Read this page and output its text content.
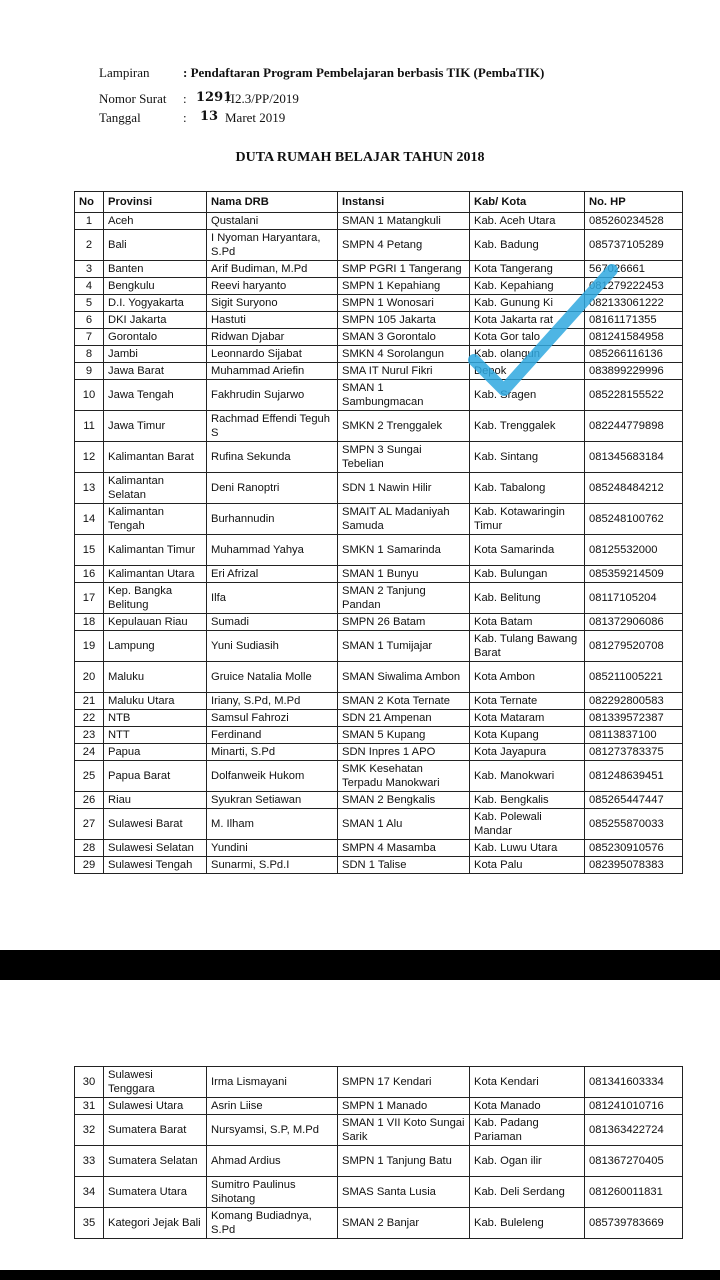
Lampiran	: Pendaftaran Program Pembelajaran berbasis TIK (PembaTIK)
Nomor Surat : 1291
/I2.3/PP/2019
Tanggal	: 13 Maret 2019
DUTA RUMAH BELAJAR TAHUN 2018
No	Provinsi	Nama DRB	Instansi	Kab/ Kota	No. HP
1	Aceh	Qustalani	SMAN 1 Matangkuli	Kab. Aceh Utara	085260234528
2	Bali	I Nyoman Haryantara, S.Pd	SMPN 4 Petang	Kab. Badung	085737105289
3	Banten	Arif Budiman, M.Pd	SMP PGRI 1 Tangerang	Kota Tangerang	567026661
4	Bengkulu	Reevi haryanto	SMPN 1 Kepahiang	Kab. Kepahiang	081279222453
5	D.I. Yogyakarta	Sigit Suryono	SMPN 1 Wonosari	Kab. Gunung Ki	082133061222
6	DKI Jakarta	Hastuti	SMPN 105 Jakarta	Kota Jakarta rat	08161171355
7	Gorontalo	Ridwan Djabar	SMAN 3 Gorontalo	Kota Gor talo	081241584958
8	Jambi	Leonnardo Sijabat	SMKN 4 Sorolangun	Kab. olangun	085266116136
9	Jawa Barat	Muhammad Ariefin	SMA IT Nurul Fikri	Depok	083899229996
10	Jawa Tengah	Fakhrudin Sujarwo	SMAN 1 Sambungmacan	Kab. Sragen	085228155522
11	Jawa Timur	Rachmad Effendi Teguh S	SMKN 2 Trenggalek	Kab. Trenggalek	082244779898
12	Kalimantan Barat	Rufina Sekunda	SMPN 3 Sungai Tebelian	Kab. Sintang	081345683184
13	Kalimantan Selatan	Deni Ranoptri	SDN 1 Nawin Hilir	Kab. Tabalong	085248484212
14	Kalimantan Tengah	Burhannudin	SMAIT AL Madaniyah Samuda	Kab. Kotawaringin Timur	085248100762
15	Kalimantan Timur	Muhammad Yahya	SMKN 1 Samarinda	Kota Samarinda	08125532000
16	Kalimantan Utara	Eri Afrizal	SMAN 1 Bunyu	Kab. Bulungan	085359214509
17	Kep. Bangka Belitung	Ilfa	SMAN 2 Tanjung Pandan	Kab. Belitung	08117105204
18	Kepulauan Riau	Sumadi	SMPN 26 Batam	Kota Batam	081372906086
19	Lampung	Yuni Sudiasih	SMAN 1 Tumijajar	Kab. Tulang Bawang Barat	081279520708
20	Maluku	Gruice Natalia Molle	SMAN Siwalima Ambon	Kota Ambon	085211005221
21	Maluku Utara	Iriany, S.Pd, M.Pd	SMAN 2 Kota Ternate	Kota Ternate	082292800583
22	NTB	Samsul Fahrozi	SDN 21 Ampenan	Kota Mataram	081339572387
23	NTT	Ferdinand	SMAN 5 Kupang	Kota Kupang	08113837100
24	Papua	Minarti, S.Pd	SDN Inpres 1 APO	Kota Jayapura	081273783375
25	Papua Barat	Dolfanweik Hukom	SMK Kesehatan Terpadu Manokwari	Kab. Manokwari	081248639451
26	Riau	Syukran Setiawan	SMAN 2 Bengkalis	Kab. Bengkalis	085265447447
27	Sulawesi Barat	M. Ilham	SMAN 1 Alu	Kab. Polewali Mandar	085255870033
28	Sulawesi Selatan	Yundini	SMPN 4 Masamba	Kab. Luwu Utara	085230910576
29	Sulawesi Tengah	Sunarmi, S.Pd.I	SDN 1 Talise	Kota Palu	082395078383
30	Sulawesi Tenggara	Irma Lismayani	SMPN 17 Kendari	Kota Kendari	081341603334
31	Sulawesi Utara	Asrin Liise	SMPN 1 Manado	Kota Manado	081241010716
32	Sumatera Barat	Nursyamsi, S.P, M.Pd	SMAN 1 VII Koto Sungai Sarik	Kab. Padang Pariaman	081363422724
33	Sumatera Selatan	Ahmad Ardius	SMPN 1 Tanjung Batu	Kab. Ogan ilir	081367270405
34	Sumatera Utara	Sumitro Paulinus Sihotang	SMAS Santa Lusia	Kab. Deli Serdang	081260011831
35	Kategori Jejak Bali	Komang Budiadnya, S.Pd	SMAN 2 Banjar	Kab. Buleleng	085739783669
